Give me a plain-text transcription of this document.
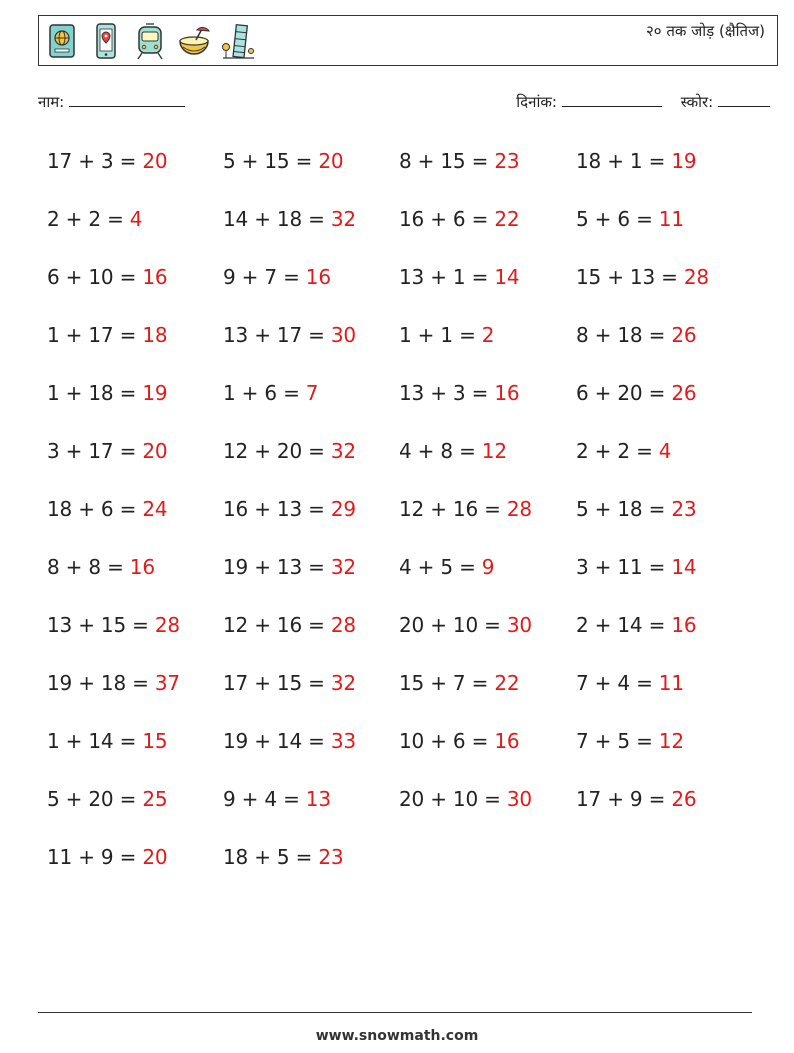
२० तक जोड़ (क्षैतिज)
नाम:	दिनांक:	स्कोर:
17 + 3 = 20	5 + 15 = 20	8 + 15 = 23	18 + 1 = 19
2 + 2 = 4	14 + 18 = 32 16 + 6 = 22	5 + 6 = 11
6 + 10 = 16	9 + 7 = 16	13 + 1 = 14	15 + 13 = 28
1 + 17 = 18	13 + 17 = 30 1 + 1 = 2	8 + 18 = 26
1 + 18 = 19	1 + 6 = 7	13 + 3 = 16	6 + 20 = 26
3 + 17 = 20	12 + 20 = 32 4 + 8 = 12	2 + 2 = 4
18 + 6 = 24	16 + 13 = 29 12 + 16 = 28 5 + 18 = 23
8 + 8 = 16	19 + 13 = 32 4 + 5 = 9	3 + 11 = 14
13 + 15 = 28 12 + 16 = 28 20 + 10 = 30 2 + 14 = 16
19 + 18 = 37 17 + 15 = 32 15 + 7 = 22	7 + 4 = 11
1 + 14 = 15	19 + 14 = 33 10 + 6 = 16	7 + 5 = 12
5 + 20 = 25	9 + 4 = 13	20 + 10 = 30 17 + 9 = 26
11 + 9 = 20	18 + 5 = 23
www.snowmath.com
